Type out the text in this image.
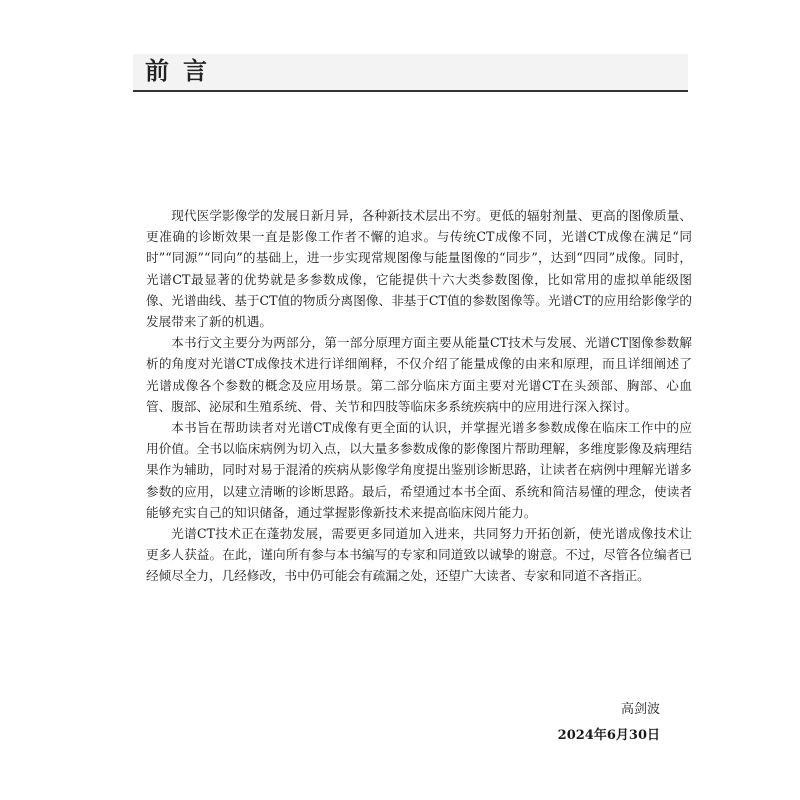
前言

现代医学影像学的发展日新月异，各种新技术层出不穷。更低的辐射剂量、更高的图像质量、更准确的诊断效果一直是影像工作者不懈的追求。与传统CT成像不同，光谱CT成像在满足“同时”“同源”“同向”的基础上，进一步实现常规图像与能量图像的“同步”，达到“四同”成像。同时，光谱CT最显著的优势就是多参数成像，它能提供十六大类参数图像，比如常用的虚拟单能级图像、光谱曲线、基于CT值的物质分离图像、非基于CT值的参数图像等。光谱CT的应用给影像学的发展带来了新的机遇。

本书行文主要分为两部分，第一部分原理方面主要从能量CT技术与发展、光谱CT图像参数解析的角度对光谱CT成像技术进行详细阐释，不仅介绍了能量成像的由来和原理，而且详细阐述了光谱成像各个参数的概念及应用场景。第二部分临床方面主要对光谱CT在头颈部、胸部、心血管、腹部、泌尿和生殖系统、骨、关节和四肢等临床多系统疾病中的应用进行深入探讨。

本书旨在帮助读者对光谱CT成像有更全面的认识，并掌握光谱多参数成像在临床工作中的应用价值。全书以临床病例为切入点，以大量多参数成像的影像图片帮助理解，多维度影像及病理结果作为辅助，同时对易于混淆的疾病从影像学角度提出鉴别诊断思路，让读者在病例中理解光谱多参数的应用，以建立清晰的诊断思路。最后，希望通过本书全面、系统和简洁易懂的理念，使读者能够充实自己的知识储备，通过掌握影像新技术来提高临床阅片能力。

光谱CT技术正在蓬勃发展，需要更多同道加入进来，共同努力开拓创新，使光谱成像技术让更多人获益。在此，谨向所有参与本书编写的专家和同道致以诚挚的谢意。不过，尽管各位编者已经倾尽全力，几经修改，书中仍可能会有疏漏之处，还望广大读者、专家和同道不吝指正。

高剑波
2024年6月30日
